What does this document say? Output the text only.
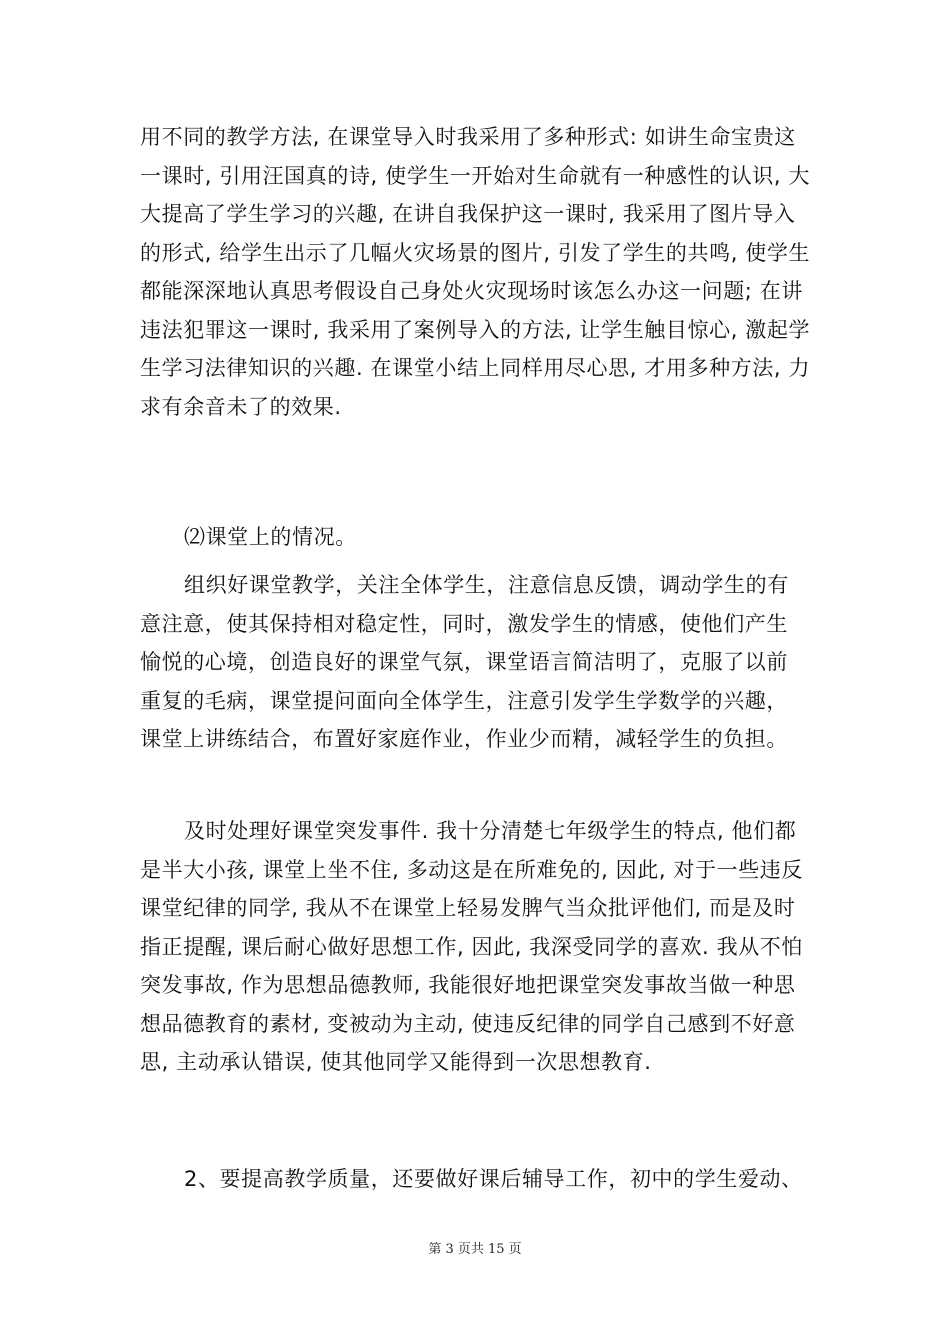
用不同的教学方法, 在课堂导入时我采用了多种形式: 如讲生命宝贵这
一课时, 引用汪国真的诗, 使学生一开始对生命就有一种感性的认识, 大
大提高了学生学习的兴趣, 在讲自我保护这一课时, 我采用了图片导入
的形式, 给学生出示了几幅火灾场景的图片, 引发了学生的共鸣, 使学生
都能深深地认真思考假设自己身处火灾现场时该怎么办这一问题; 在讲
违法犯罪这一课时, 我采用了案例导入的方法, 让学生触目惊心, 激起学
生学习法律知识的兴趣. 在课堂小结上同样用尽心思, 才用多种方法, 力
求有余音未了的效果.
⑵课堂上的情况。
组织好课堂教学，关注全体学生，注意信息反馈，调动学生的有
意注意，使其保持相对稳定性，同时，激发学生的情感，使他们产生
愉悦的心境，创造良好的课堂气氛，课堂语言简洁明了，克服了以前
重复的毛病，课堂提问面向全体学生，注意引发学生学数学的兴趣，
课堂上讲练结合，布置好家庭作业，作业少而精，减轻学生的负担。
及时处理好课堂突发事件. 我十分清楚七年级学生的特点, 他们都
是半大小孩, 课堂上坐不住, 多动这是在所难免的, 因此, 对于一些违反
课堂纪律的同学, 我从不在课堂上轻易发脾气当众批评他们, 而是及时
指正提醒, 课后耐心做好思想工作, 因此, 我深受同学的喜欢. 我从不怕
突发事故, 作为思想品德教师, 我能很好地把课堂突发事故当做一种思
想品德教育的素材, 变被动为主动, 使违反纪律的同学自己感到不好意
思, 主动承认错误, 使其他同学又能得到一次思想教育.
2、要提高教学质量，还要做好课后辅导工作，初中的学生爱动、
第 3 页共 15 页
